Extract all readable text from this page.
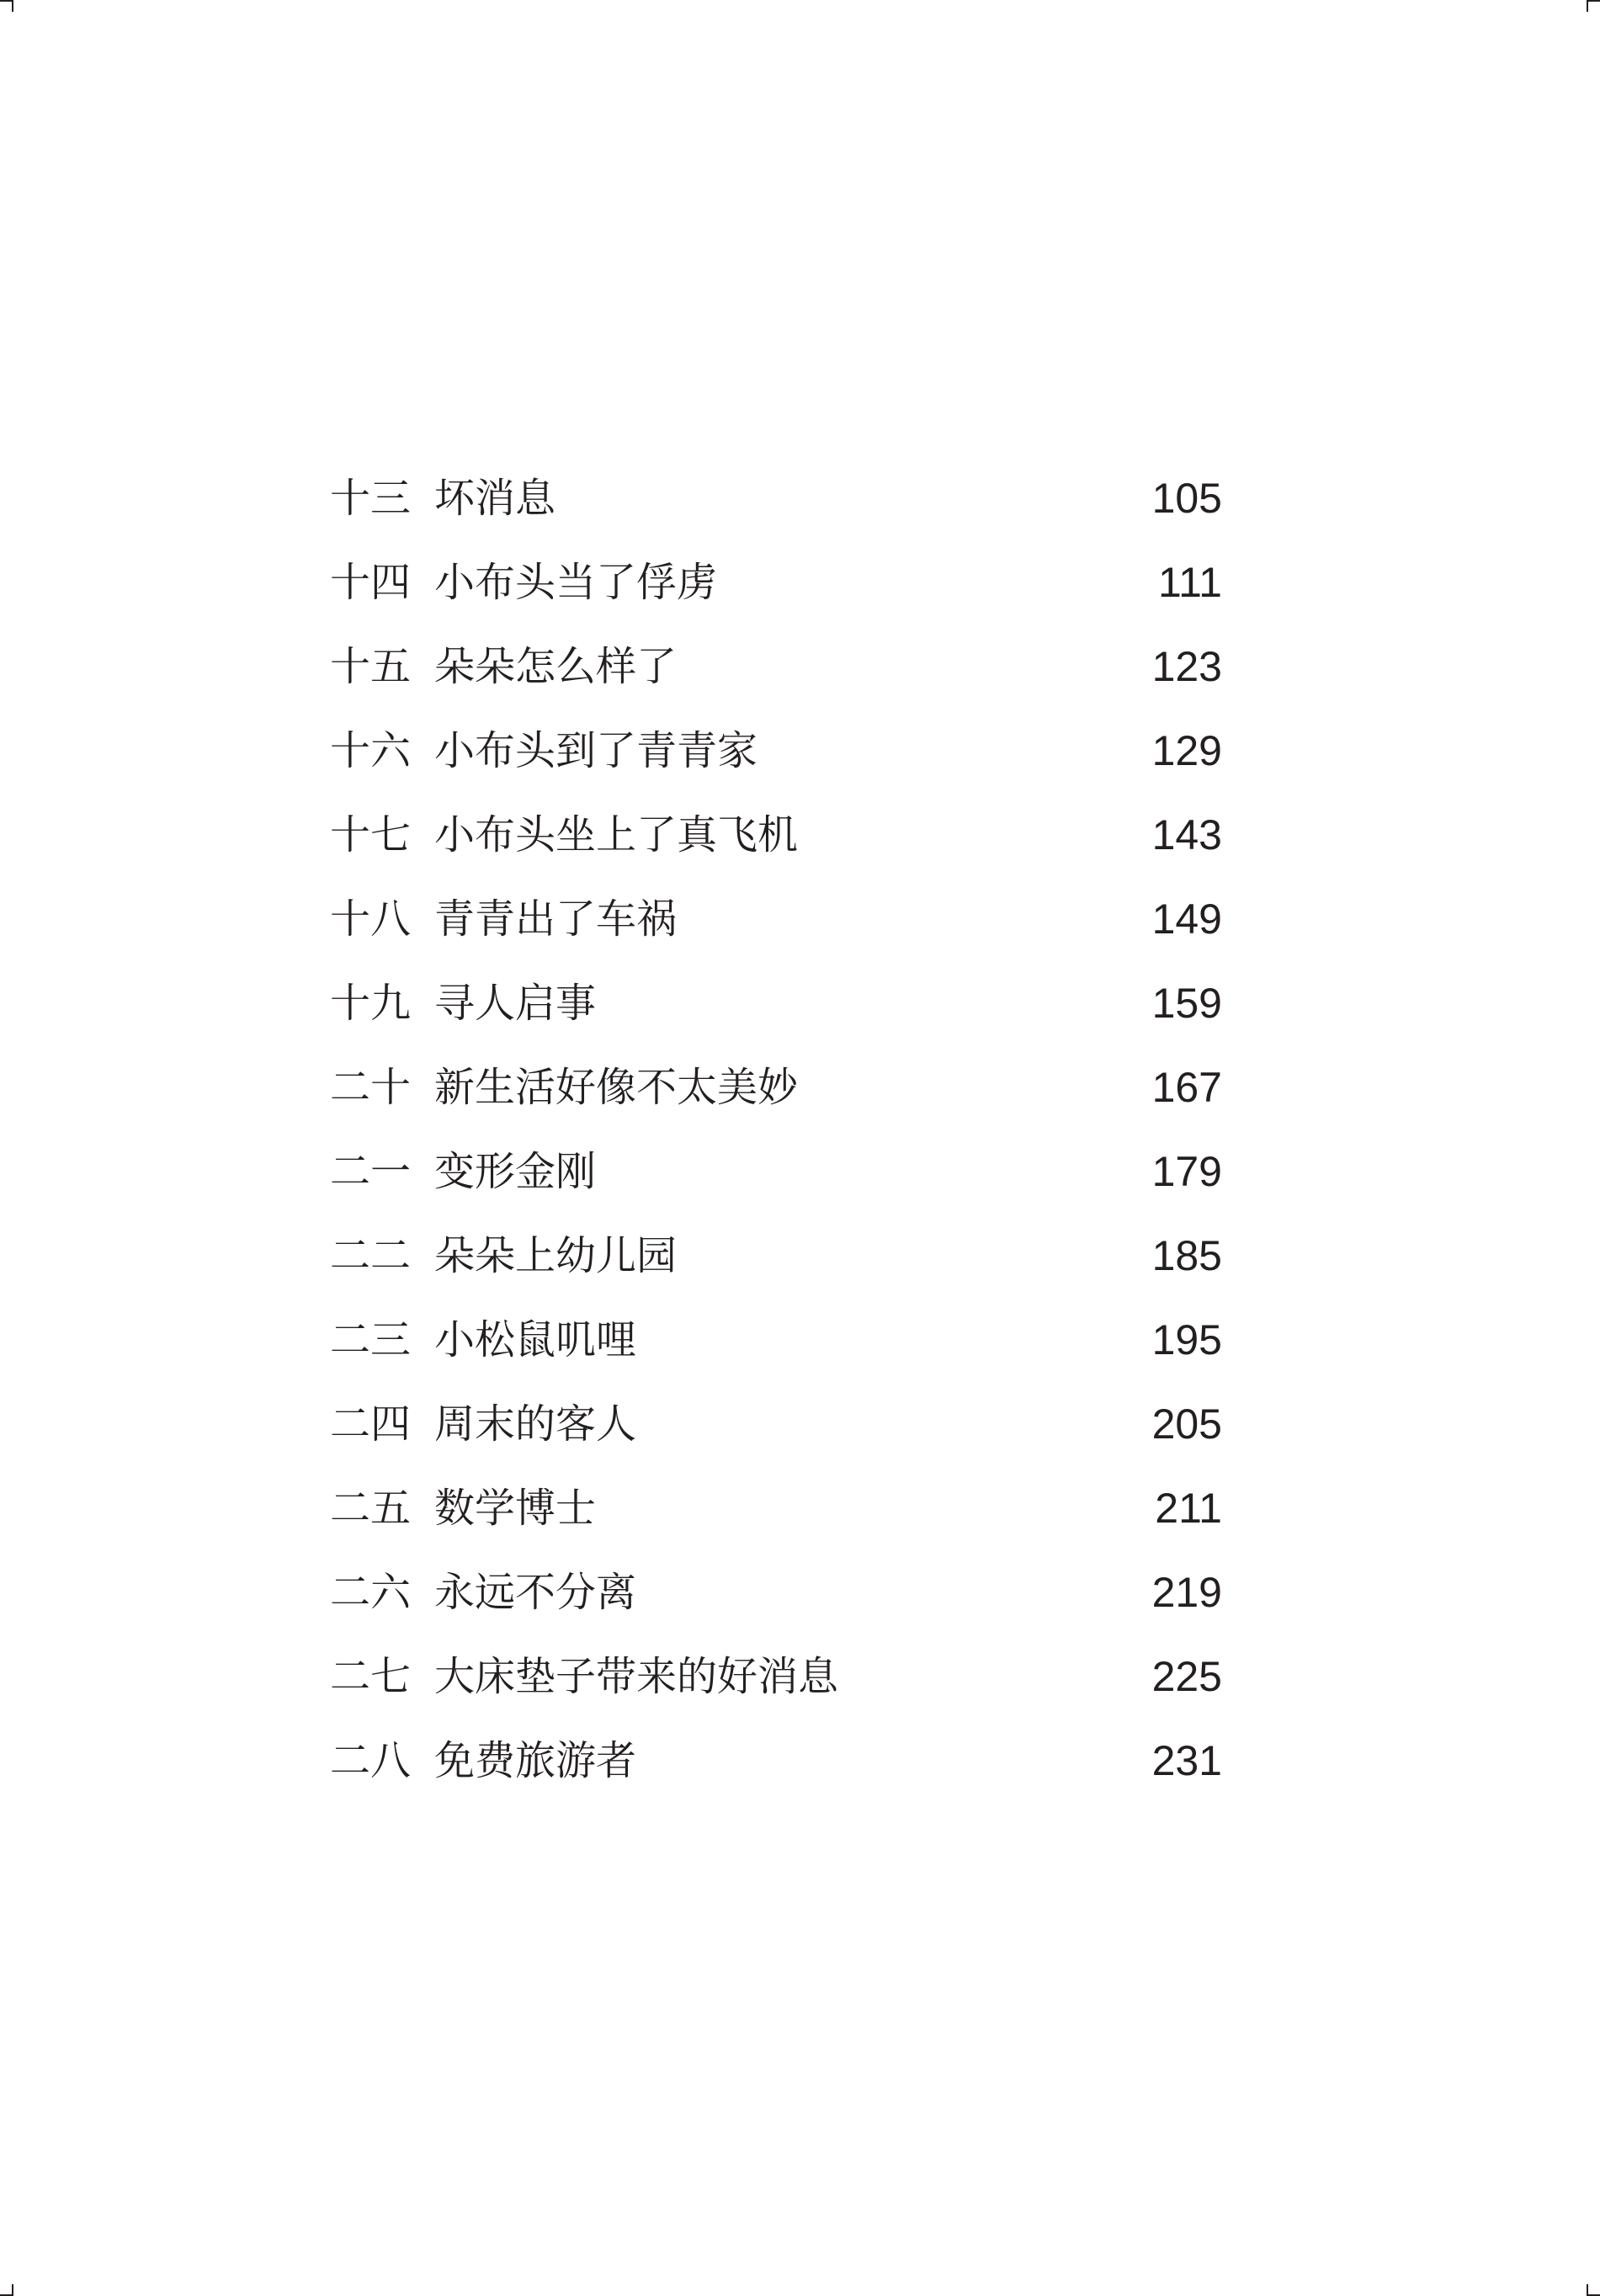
十三 坏消息	105
十四 小布头当了俘虏	111
十五 朵朵怎么样了	123
十六 小布头到了青青家	129
十七 小布头坐上了真飞机	143
十八 青青出了车祸	149
十九 寻人启事	159
二十 新生活好像不太美妙	167
二一 变形金刚	179
二二 朵朵上幼儿园	185
二三 小松鼠叽哩	195
二四 周末的客人	205
二五 数学博士	211
二六 永远不分离	219
二七 大床垫子带来的好消息	225
二八 免费旅游者	231
